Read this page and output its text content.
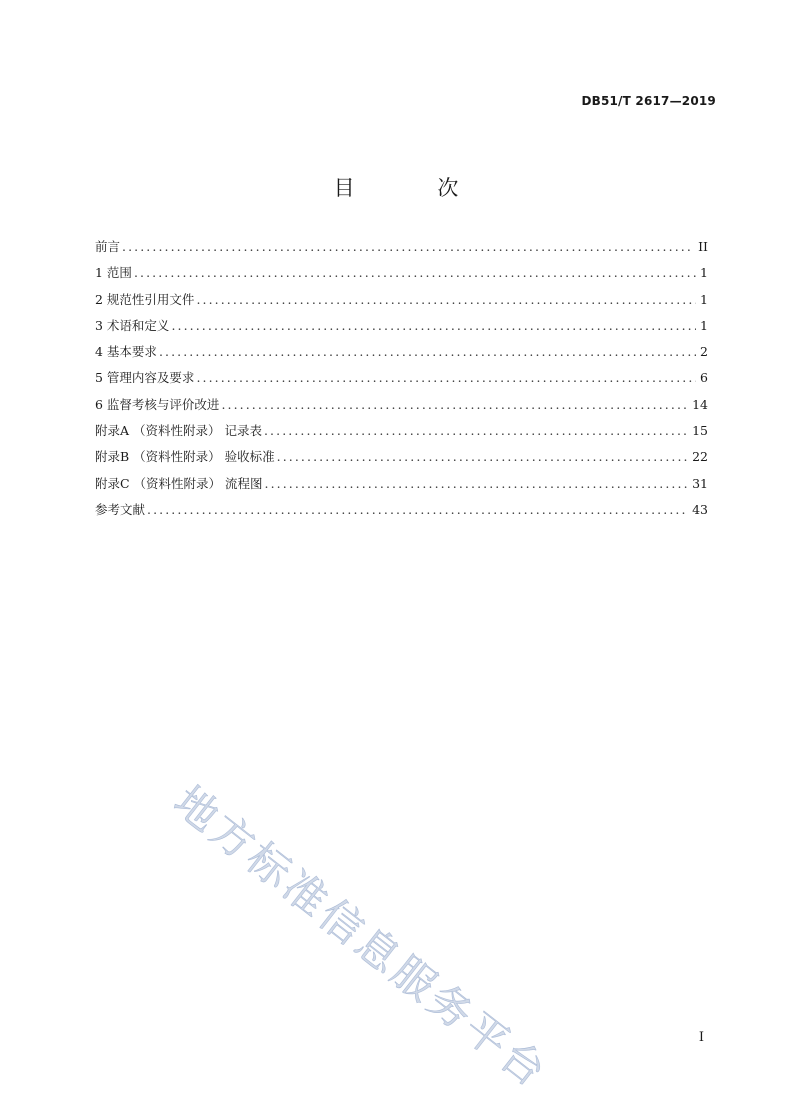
DB51/T 2617—2019
目 次
前言 .....	II
1 范围 .....	1
2 规范性引用文件 .....	1
3 术语和定义 .....	1
4 基本要求 .....	2
5 管理内容及要求 .....	6
6 监督考核与评价改进 .....	14
附录A （资料性附录） 记录表 .....	15
附录B （资料性附录） 验收标准 .....	22
附录C （资料性附录） 流程图 .....	31
参考文献 .....	43
地方标准信息服务平台	I
